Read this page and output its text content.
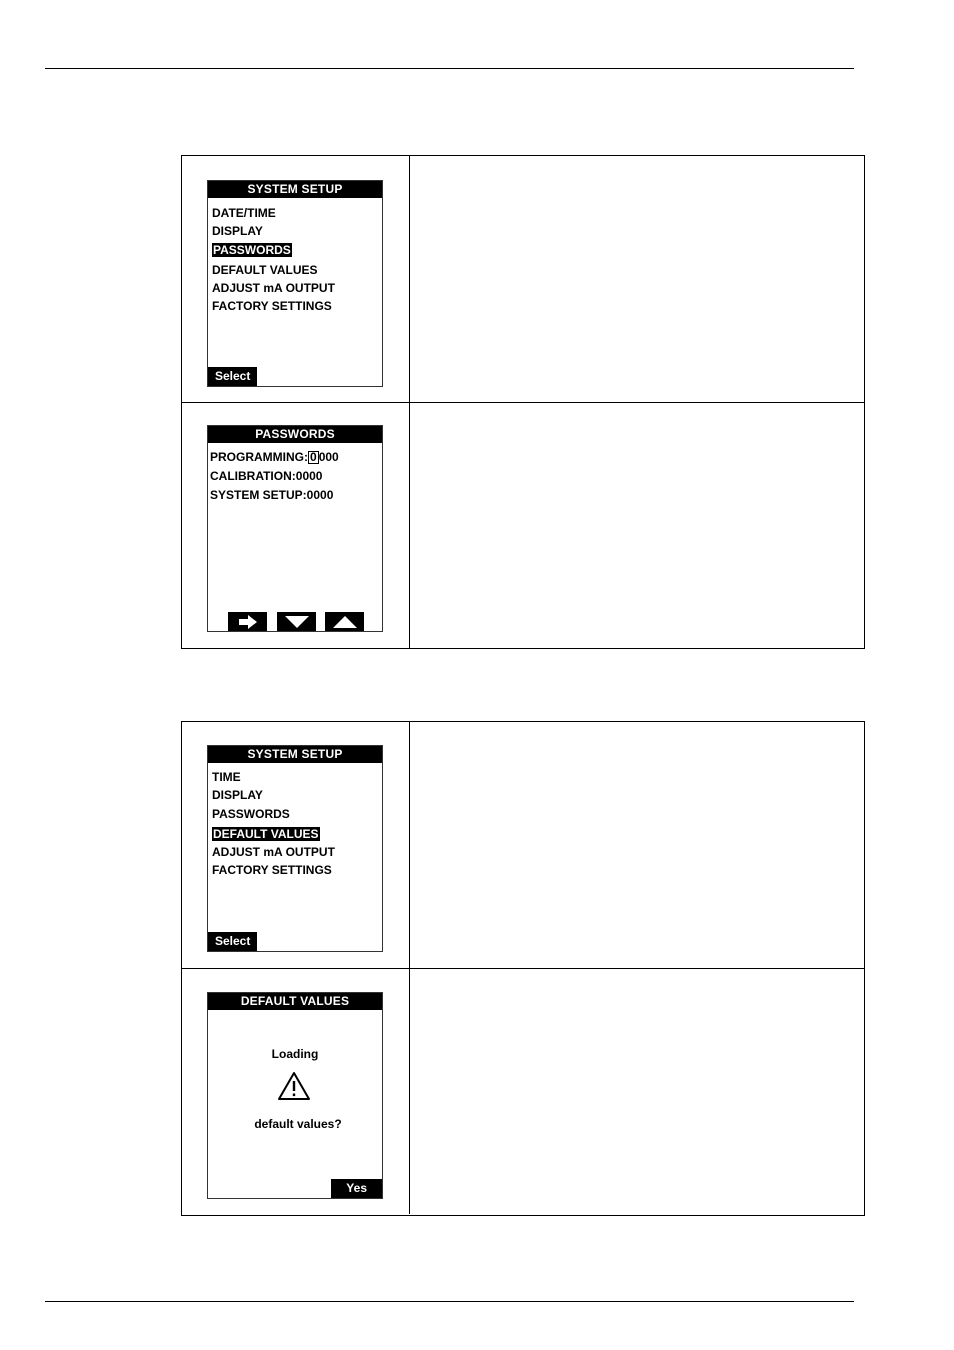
SYSTEM SETUP
DATE/TIME
DISPLAY
PASSWORDS
DEFAULT VALUES
ADJUST mA OUTPUT
FACTORY SETTINGS
Select
PASSWORDS
PROGRAMMING: 0 000
CALIBRATION:0000
SYSTEM SETUP:0000
SYSTEM SETUP
TIME
DISPLAY
PASSWORDS
DEFAULT VALUES
ADJUST mA OUTPUT
FACTORY SETTINGS
Select
DEFAULT VALUES
Loading
default values?
Yes
